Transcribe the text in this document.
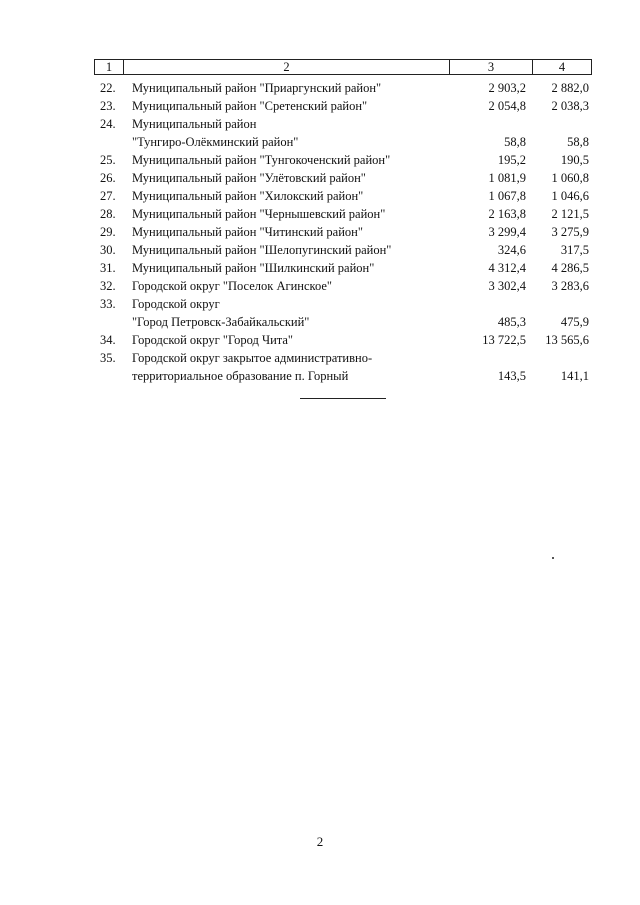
1	2	3	4
22.	Муниципальный район "Приаргунский район"	2 903,2	2 882,0
23.	Муниципальный район "Сретенский район"	2 054,8	2 038,3
24.	Муниципальный район
"Тунгиро-Олёкминский район"	58,8	58,8
25.	Муниципальный район "Тунгокоченский район"	195,2	190,5
26.	Муниципальный район "Улётовский район"	1 081,9	1 060,8
27.	Муниципальный район "Хилокский район"	1 067,8	1 046,6
28.	Муниципальный район "Чернышевский район"	2 163,8	2 121,5
29.	Муниципальный район "Читинский район"	3 299,4	3 275,9
30.	Муниципальный район "Шелопугинский район"	324,6	317,5
31.	Муниципальный район "Шилкинский район"	4 312,4	4 286,5
32.	Городской округ "Поселок Агинское"	3 302,4	3 283,6
33.	Городской округ
"Город Петровск-Забайкальский"	485,3	475,9
34.	Городской округ "Город Чита"	13 722,5	13 565,6
35.	Городской округ закрытое административно-
территориальное образование п. Горный	143,5	141,1
2
